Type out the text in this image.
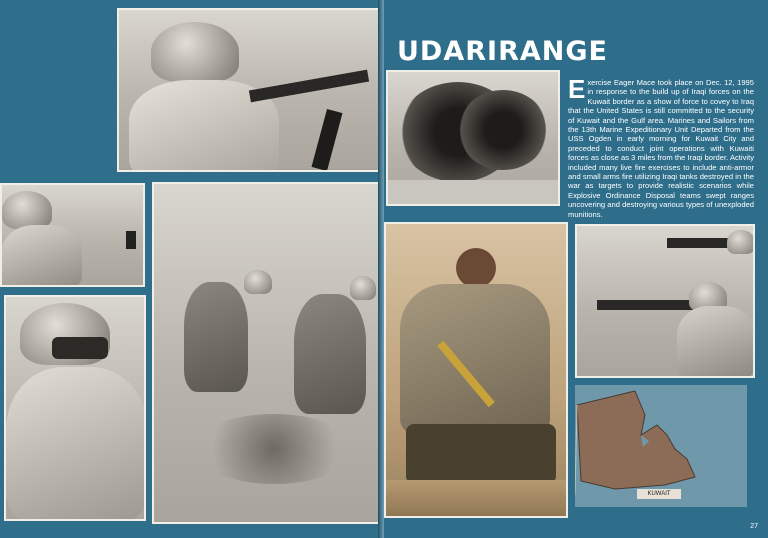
UDARIRANGE
Exercise Eager Mace took place on Dec. 12, 1995 in response to the build up of Iraqi forces on the Kuwait border as a show of force to covey to Iraq that the United States is still committed to the security of Kuwait and the Gulf area. Marines and Sailors from the 13th Marine Expeditionary Unit Departed from the USS Ogden in early morning for Kuwait City and preceded to conduct joint operations with Kuwaiti forces as close as 3 miles from the Iraqi border. Activity included many live fire exercises to include anti-armor and small arms fire utilizing Iraqi tanks destroyed in the war as targets to provide realistic scenarios while Explosive Ordinance Disposal teams swept ranges uncovering and destroying various types of unexploded munitions.
KUWAIT
27
